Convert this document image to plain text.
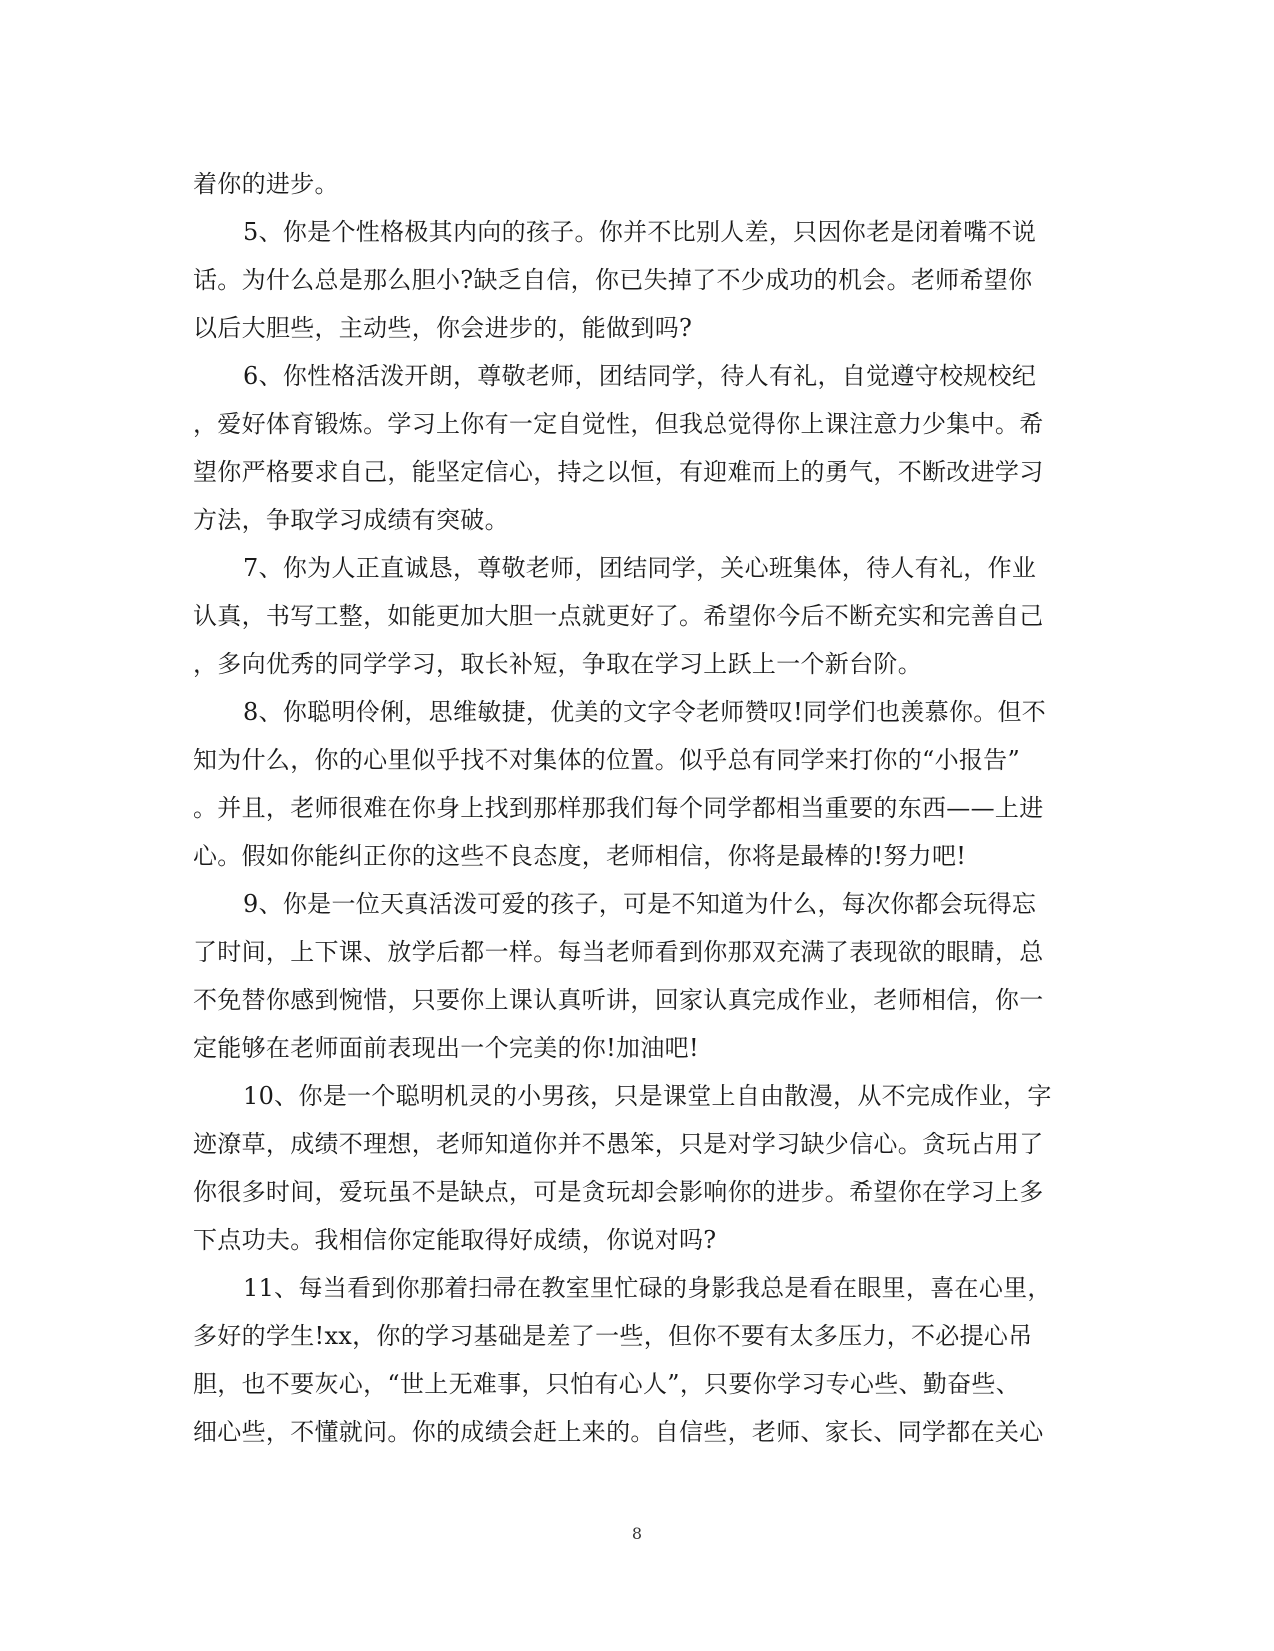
着你的进步。
5、你是个性格极其内向的孩子。你并不比别人差，只因你老是闭着嘴不说
话。为什么总是那么胆小?缺乏自信，你已失掉了不少成功的机会。老师希望你
以后大胆些，主动些，你会进步的，能做到吗?
6、你性格活泼开朗，尊敬老师，团结同学，待人有礼，自觉遵守校规校纪
，爱好体育锻炼。学习上你有一定自觉性，但我总觉得你上课注意力少集中。希
望你严格要求自己，能坚定信心，持之以恒，有迎难而上的勇气，不断改进学习
方法，争取学习成绩有突破。
7、你为人正直诚恳，尊敬老师，团结同学，关心班集体，待人有礼，作业
认真，书写工整，如能更加大胆一点就更好了。希望你今后不断充实和完善自己
，多向优秀的同学学习，取长补短，争取在学习上跃上一个新台阶。
8、你聪明伶俐，思维敏捷，优美的文字令老师赞叹!同学们也羡慕你。但不
知为什么，你的心里似乎找不对集体的位置。似乎总有同学来打你的“小报告”
。并且，老师很难在你身上找到那样那我们每个同学都相当重要的东西——上进
心。假如你能纠正你的这些不良态度，老师相信，你将是最棒的!努力吧!
9、你是一位天真活泼可爱的孩子，可是不知道为什么，每次你都会玩得忘
了时间，上下课、放学后都一样。每当老师看到你那双充满了表现欲的眼睛，总
不免替你感到惋惜，只要你上课认真听讲，回家认真完成作业，老师相信，你一
定能够在老师面前表现出一个完美的你!加油吧!
10、你是一个聪明机灵的小男孩，只是课堂上自由散漫，从不完成作业，字
迹潦草，成绩不理想，老师知道你并不愚笨，只是对学习缺少信心。贪玩占用了
你很多时间，爱玩虽不是缺点，可是贪玩却会影响你的进步。希望你在学习上多
下点功夫。我相信你定能取得好成绩，你说对吗?
11、每当看到你那着扫帚在教室里忙碌的身影我总是看在眼里，喜在心里，
多好的学生!xx，你的学习基础是差了一些，但你不要有太多压力，不必提心吊
胆，也不要灰心，“世上无难事，只怕有心人”，只要你学习专心些、勤奋些、
细心些，不懂就问。你的成绩会赶上来的。自信些，老师、家长、同学都在关心
8
